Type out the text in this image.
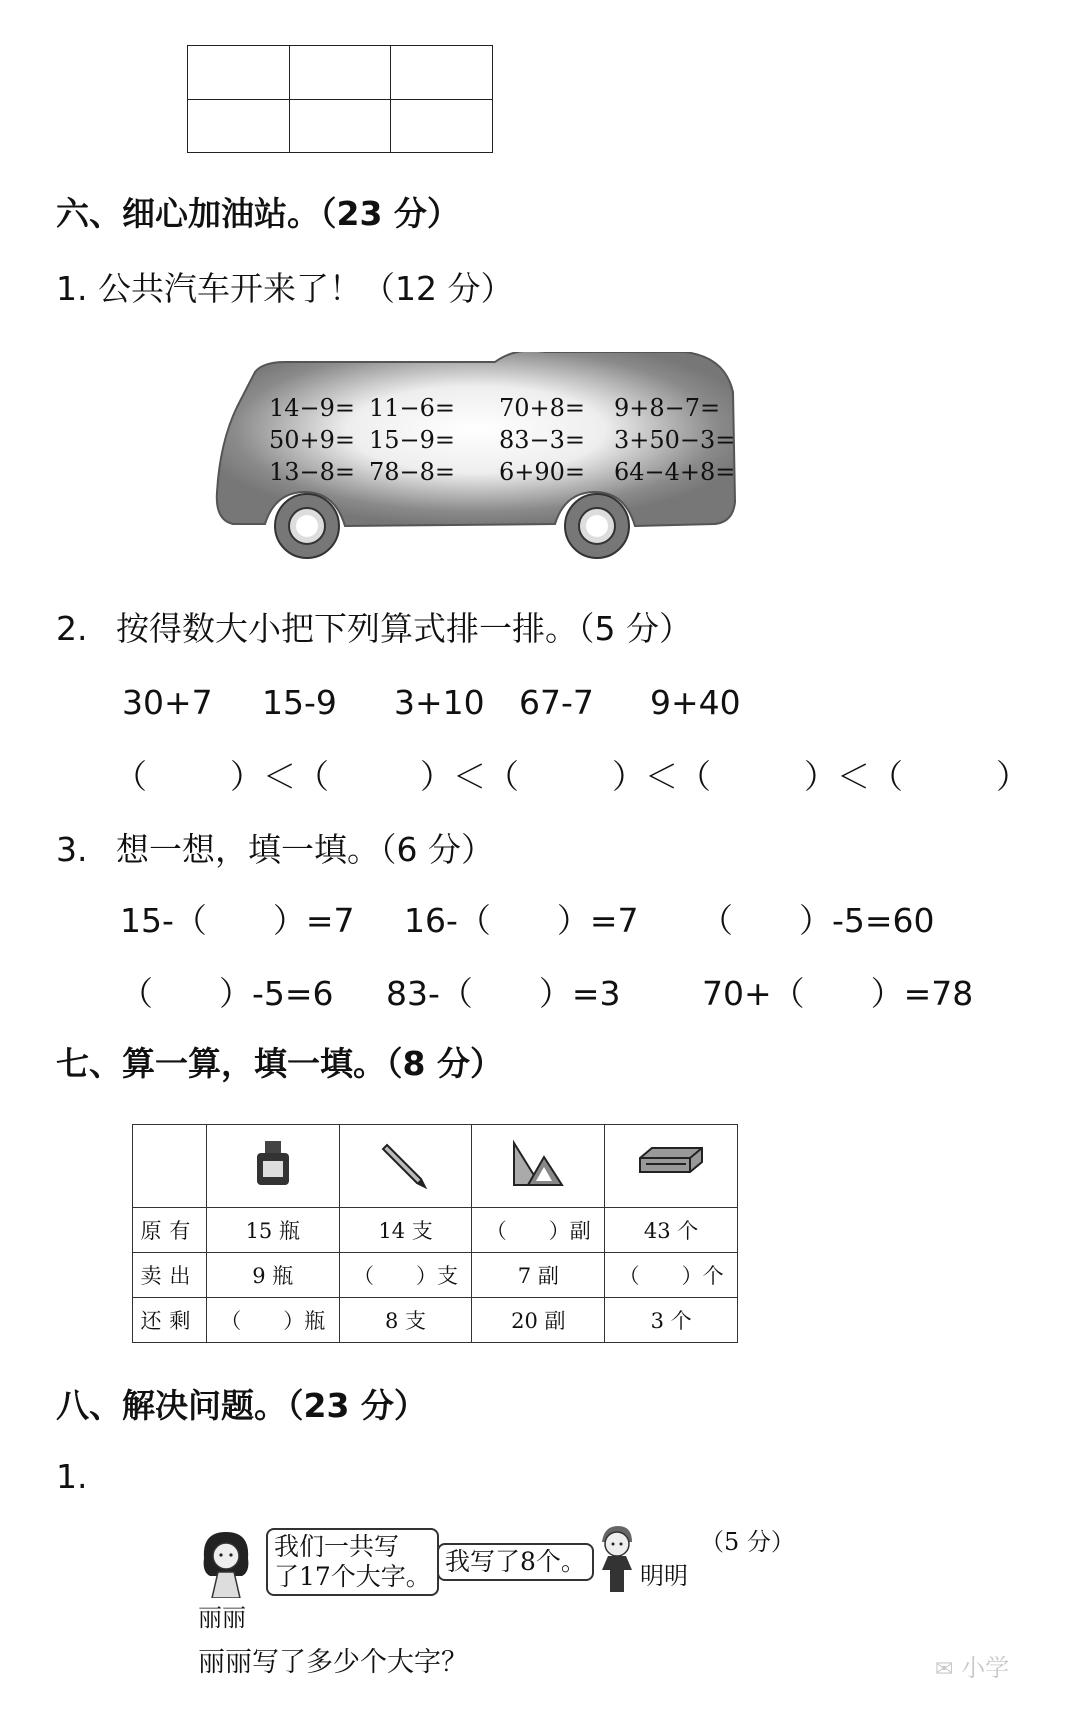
六、细心加油站。（23 分）
1. 公共汽车开来了！（12 分）
14−9= 11−6= 70+8= 9+8−7=
50+9= 15−9= 83−3= 3+50−3=
13−8= 78−8= 6+90= 64−4+8=
2. 按得数大小把下列算式排一排。（5 分）
30+7 15-9 3+10 67-7 9+40
（	）＜（	）＜（	）＜（	）＜（	）
3. 想一想，填一填。（6 分）
15-（　　）=7 16-（　　）=7 （　　）-5=60
（　　）-5=6 83-（　　）=3 70+（　　）=78
七、算一算，填一填。（8 分）

原有	15 瓶	14 支	（　　）副	43 个
卖出	9 瓶	（　　）支	7 副	（　　）个
还剩	（　　）瓶	8 支	20 副	3 个
八、解决问题。（23 分）
1.
丽丽
我们一共写
了17个大字。
我写了8个。	明明
（5 分）
丽丽写了多少个大字？	✉ 小学
